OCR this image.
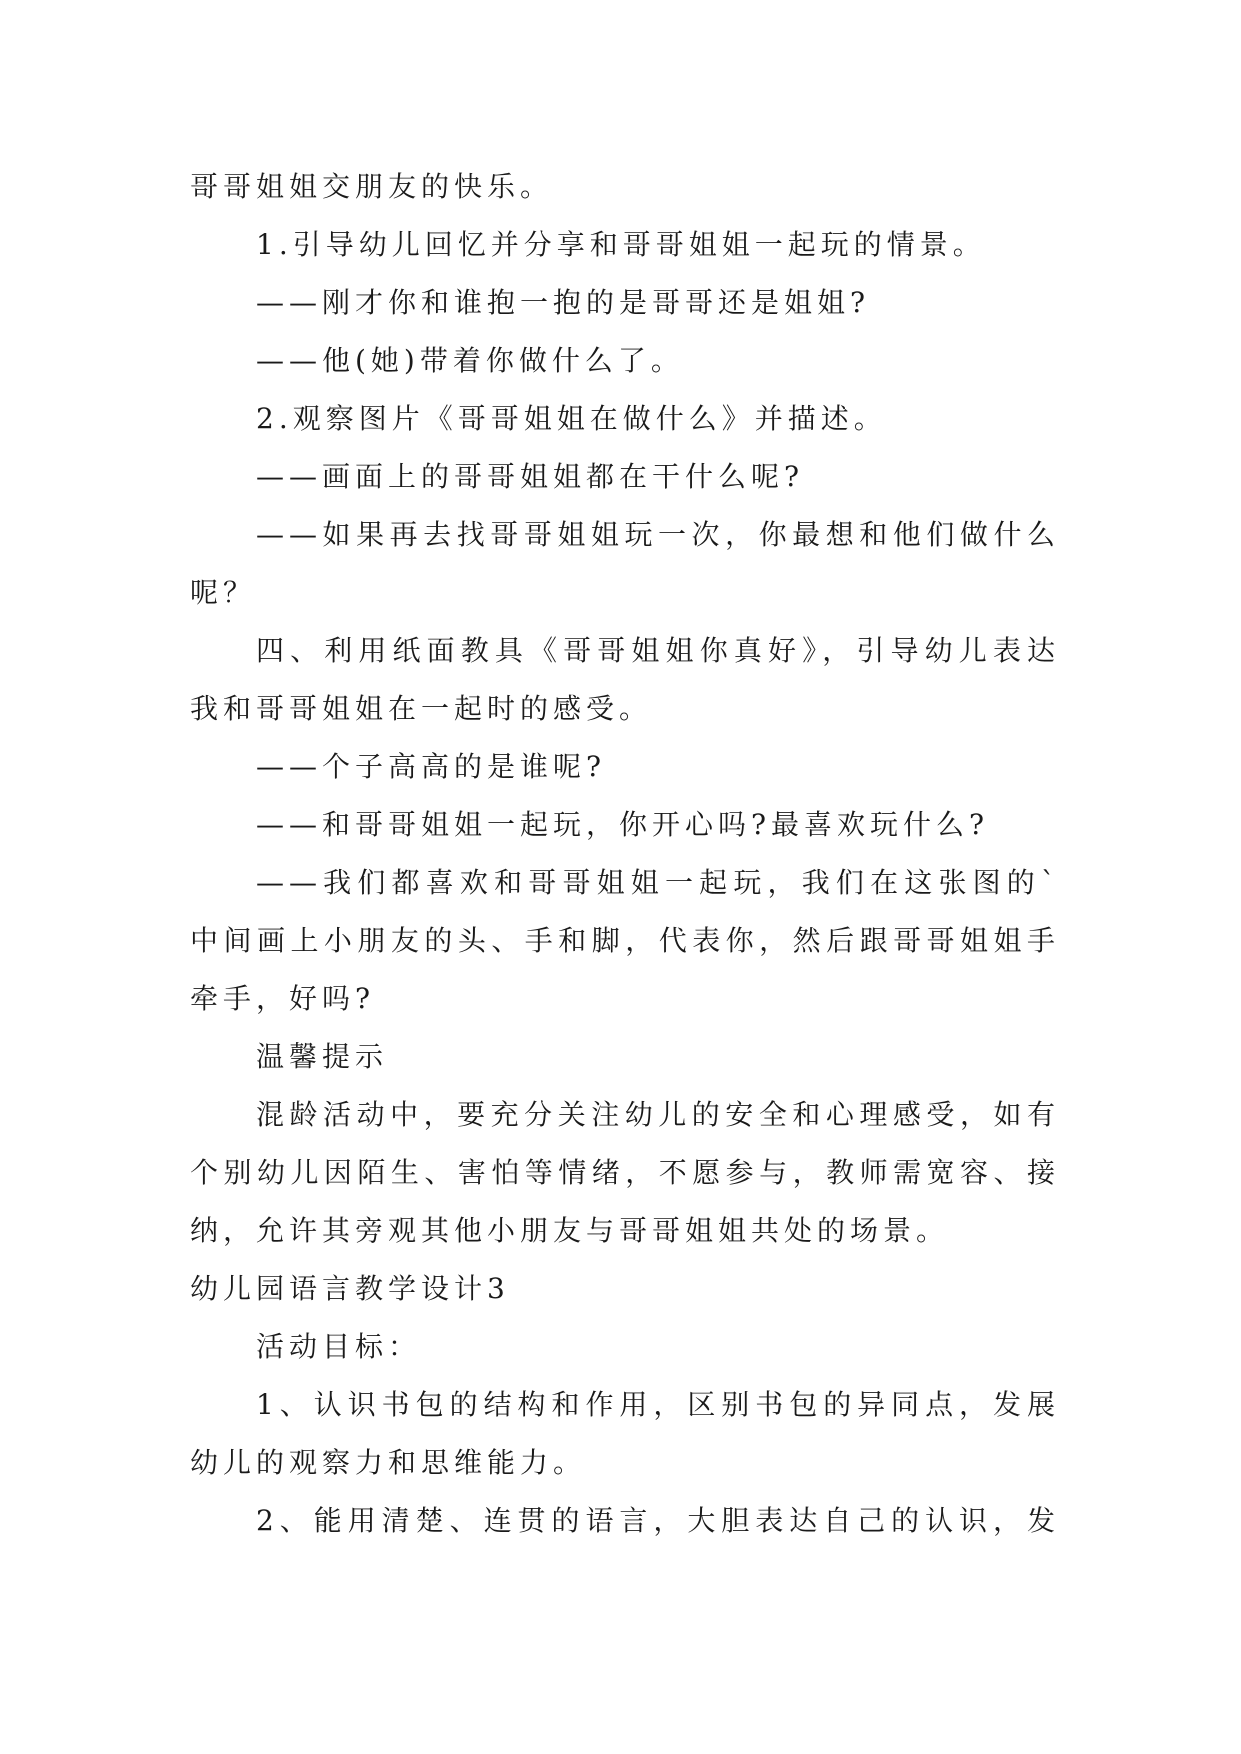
哥哥姐姐交朋友的快乐。
1.引导幼儿回忆并分享和哥哥姐姐一起玩的情景。
——刚才你和谁抱一抱的是哥哥还是姐姐?
——他(她)带着你做什么了。
2.观察图片《哥哥姐姐在做什么》并描述。
——画面上的哥哥姐姐都在干什么呢?
——如果再去找哥哥姐姐玩一次，你最想和他们做什么
呢？
四、利用纸面教具《哥哥姐姐你真好》，引导幼儿表达
我和哥哥姐姐在一起时的感受。
——个子高高的是谁呢?
——和哥哥姐姐一起玩，你开心吗?最喜欢玩什么?
——我们都喜欢和哥哥姐姐一起玩，我们在这张图的`
中间画上小朋友的头、手和脚，代表你，然后跟哥哥姐姐手
牵手，好吗?
温馨提示
混龄活动中，要充分关注幼儿的安全和心理感受，如有
个别幼儿因陌生、害怕等情绪，不愿参与，教师需宽容、接
纳，允许其旁观其他小朋友与哥哥姐姐共处的场景。
幼儿园语言教学设计3
活动目标：
1、认识书包的结构和作用，区别书包的异同点，发展
幼儿的观察力和思维能力。
2、能用清楚、连贯的语言，大胆表达自己的认识，发
